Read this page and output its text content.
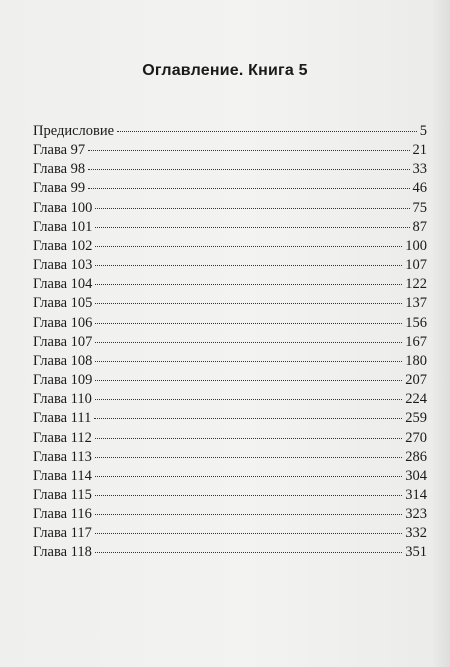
Оглавление. Книга 5
Предисловие	5
Глава 97	21
Глава 98	33
Глава 99	46
Глава 100	75
Глава 101	87
Глава 102	100
Глава 103	107
Глава 104	122
Глава 105	137
Глава 106	156
Глава 107	167
Глава 108	180
Глава 109	207
Глава 110	224
Глава 111	259
Глава 112	270
Глава 113	286
Глава 114	304
Глава 115	314
Глава 116	323
Глава 117	332
Глава 118	351
